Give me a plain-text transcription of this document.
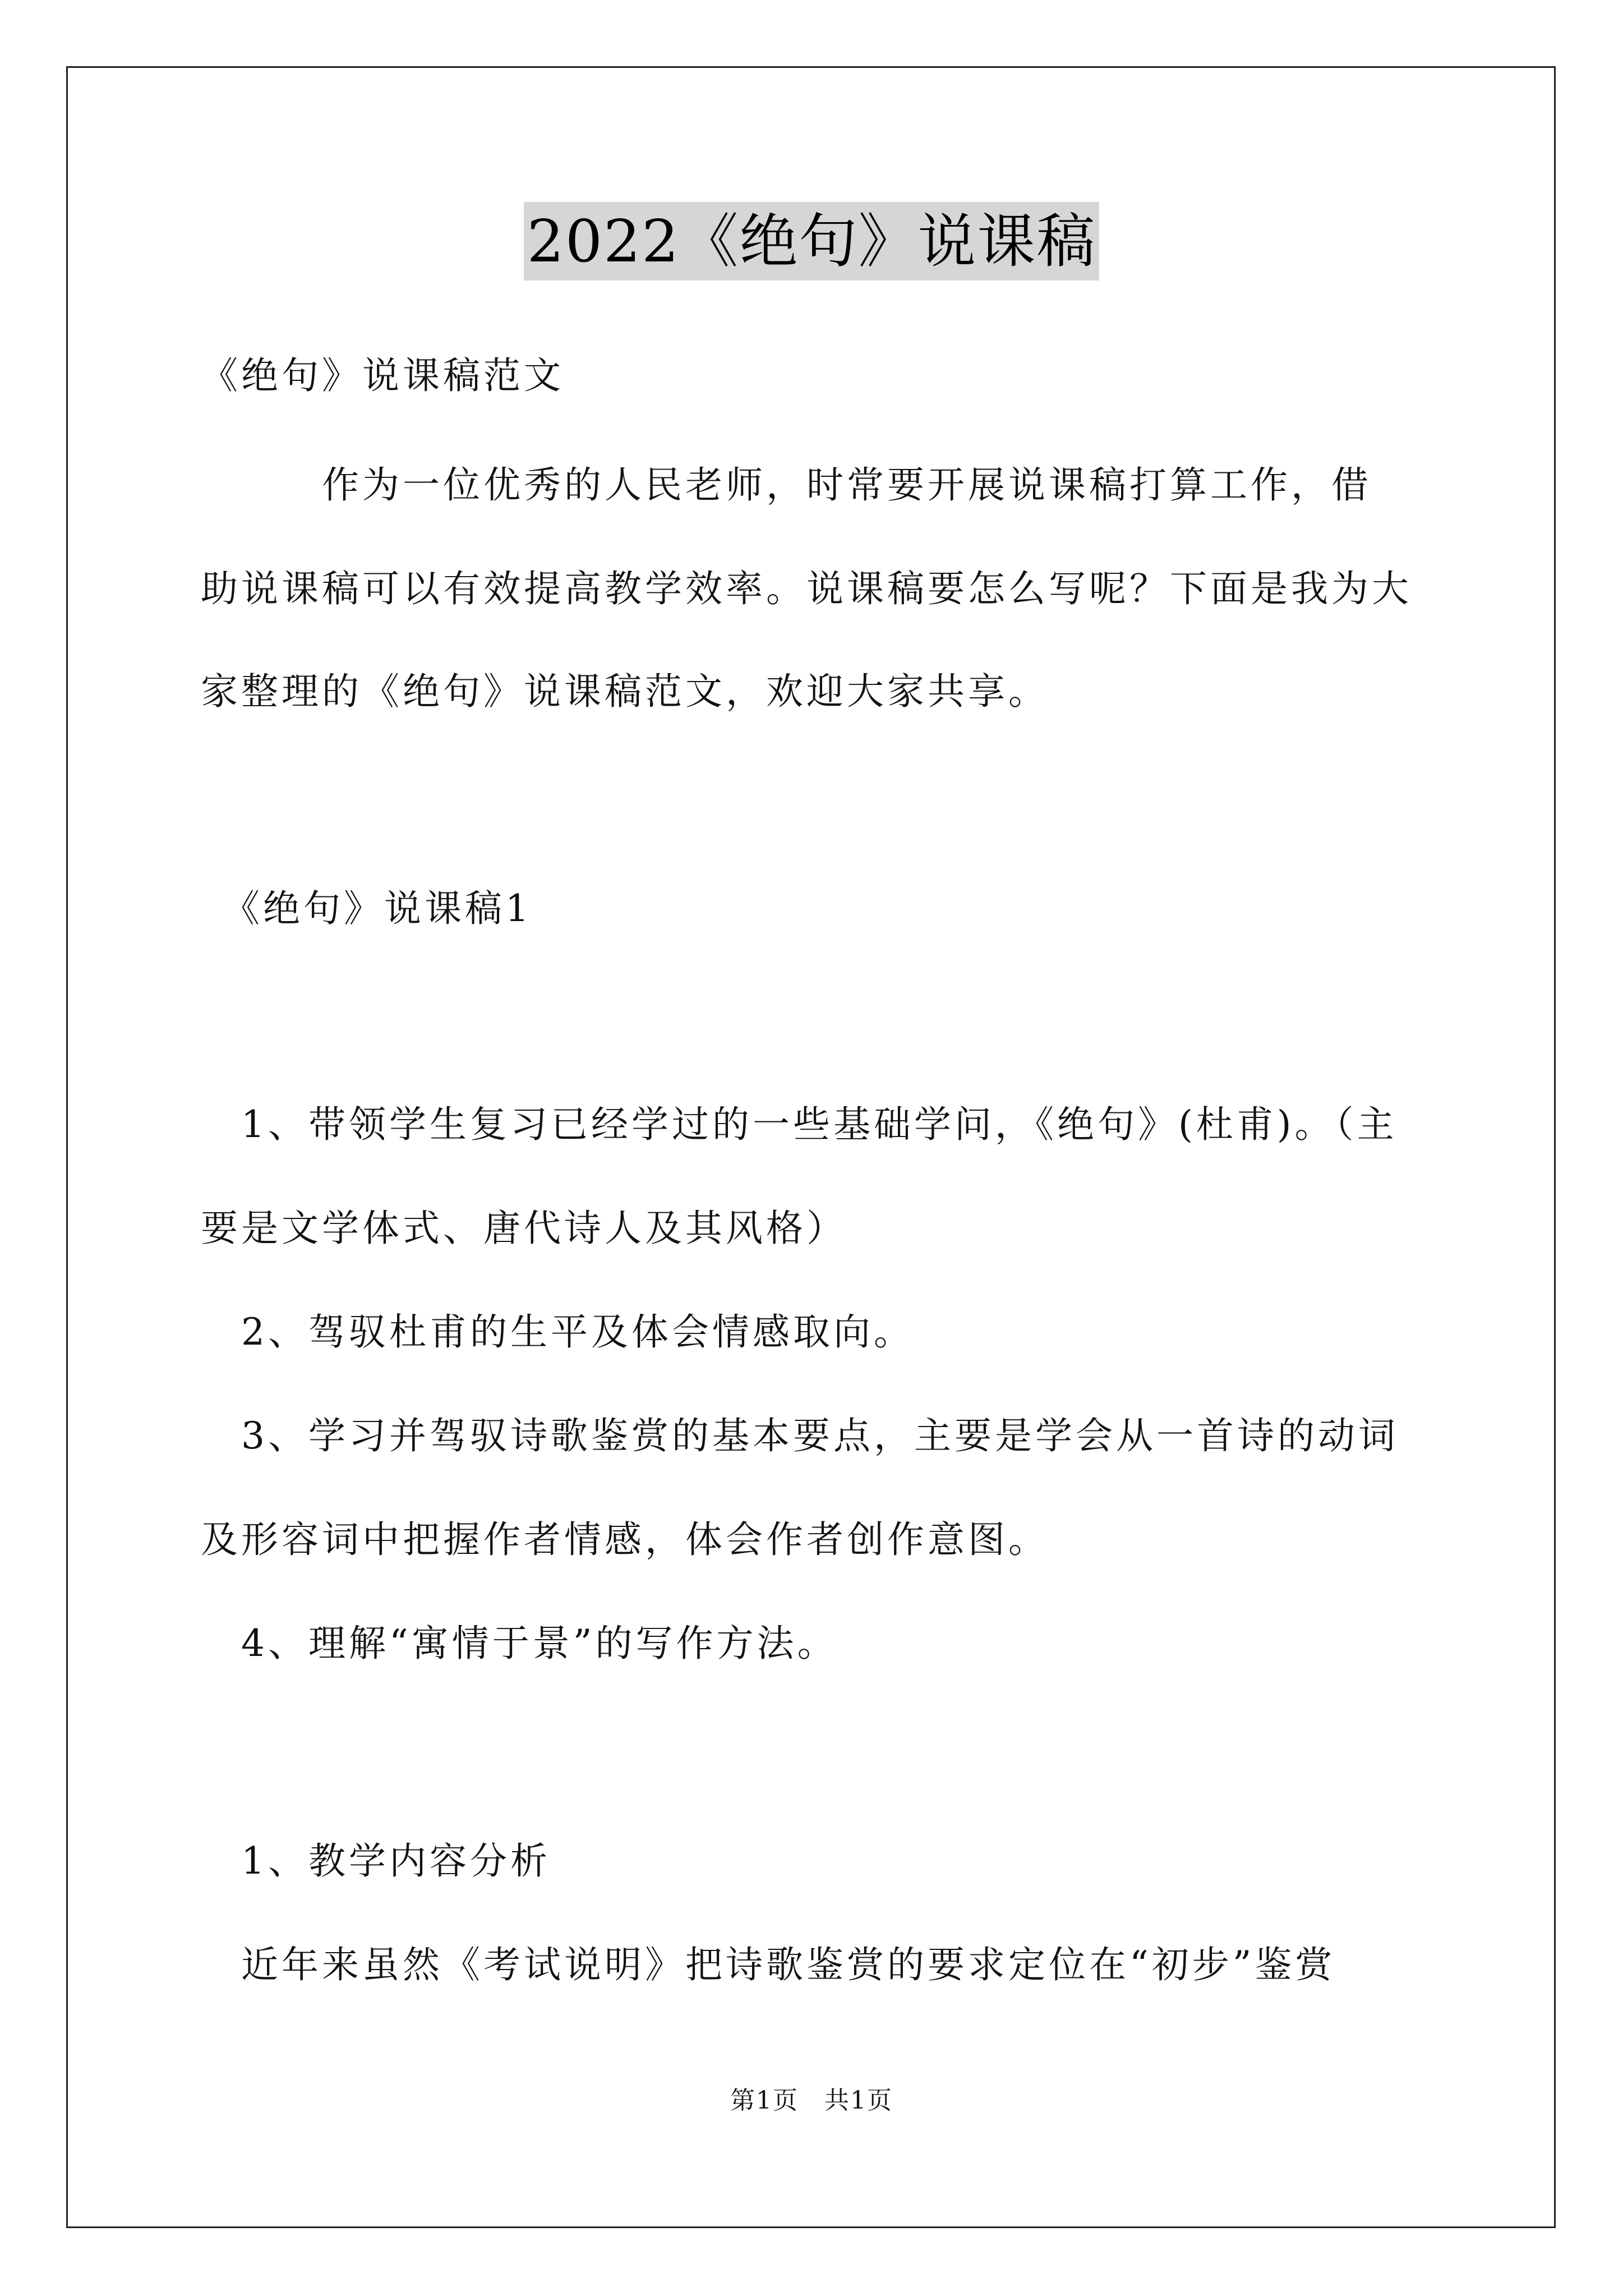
2022《绝句》说课稿
《绝句》说课稿范文
　　　作为一位优秀的人民老师，时常要开展说课稿打算工作，借
助说课稿可以有效提高教学效率。说课稿要怎么写呢？下面是我为大
家整理的《绝句》说课稿范文，欢迎大家共享。
　《绝句》说课稿1
　1、带领学生复习已经学过的一些基础学问，《绝句》(杜甫)。（主
要是文学体式、唐代诗人及其风格）
　2、驾驭杜甫的生平及体会情感取向。
　3、学习并驾驭诗歌鉴赏的基本要点，主要是学会从一首诗的动词
及形容词中把握作者情感，体会作者创作意图。
　4、理解“寓情于景”的写作方法。
　1、教学内容分析
　近年来虽然《考试说明》把诗歌鉴赏的要求定位在“初步”鉴赏
第1页　共1页
